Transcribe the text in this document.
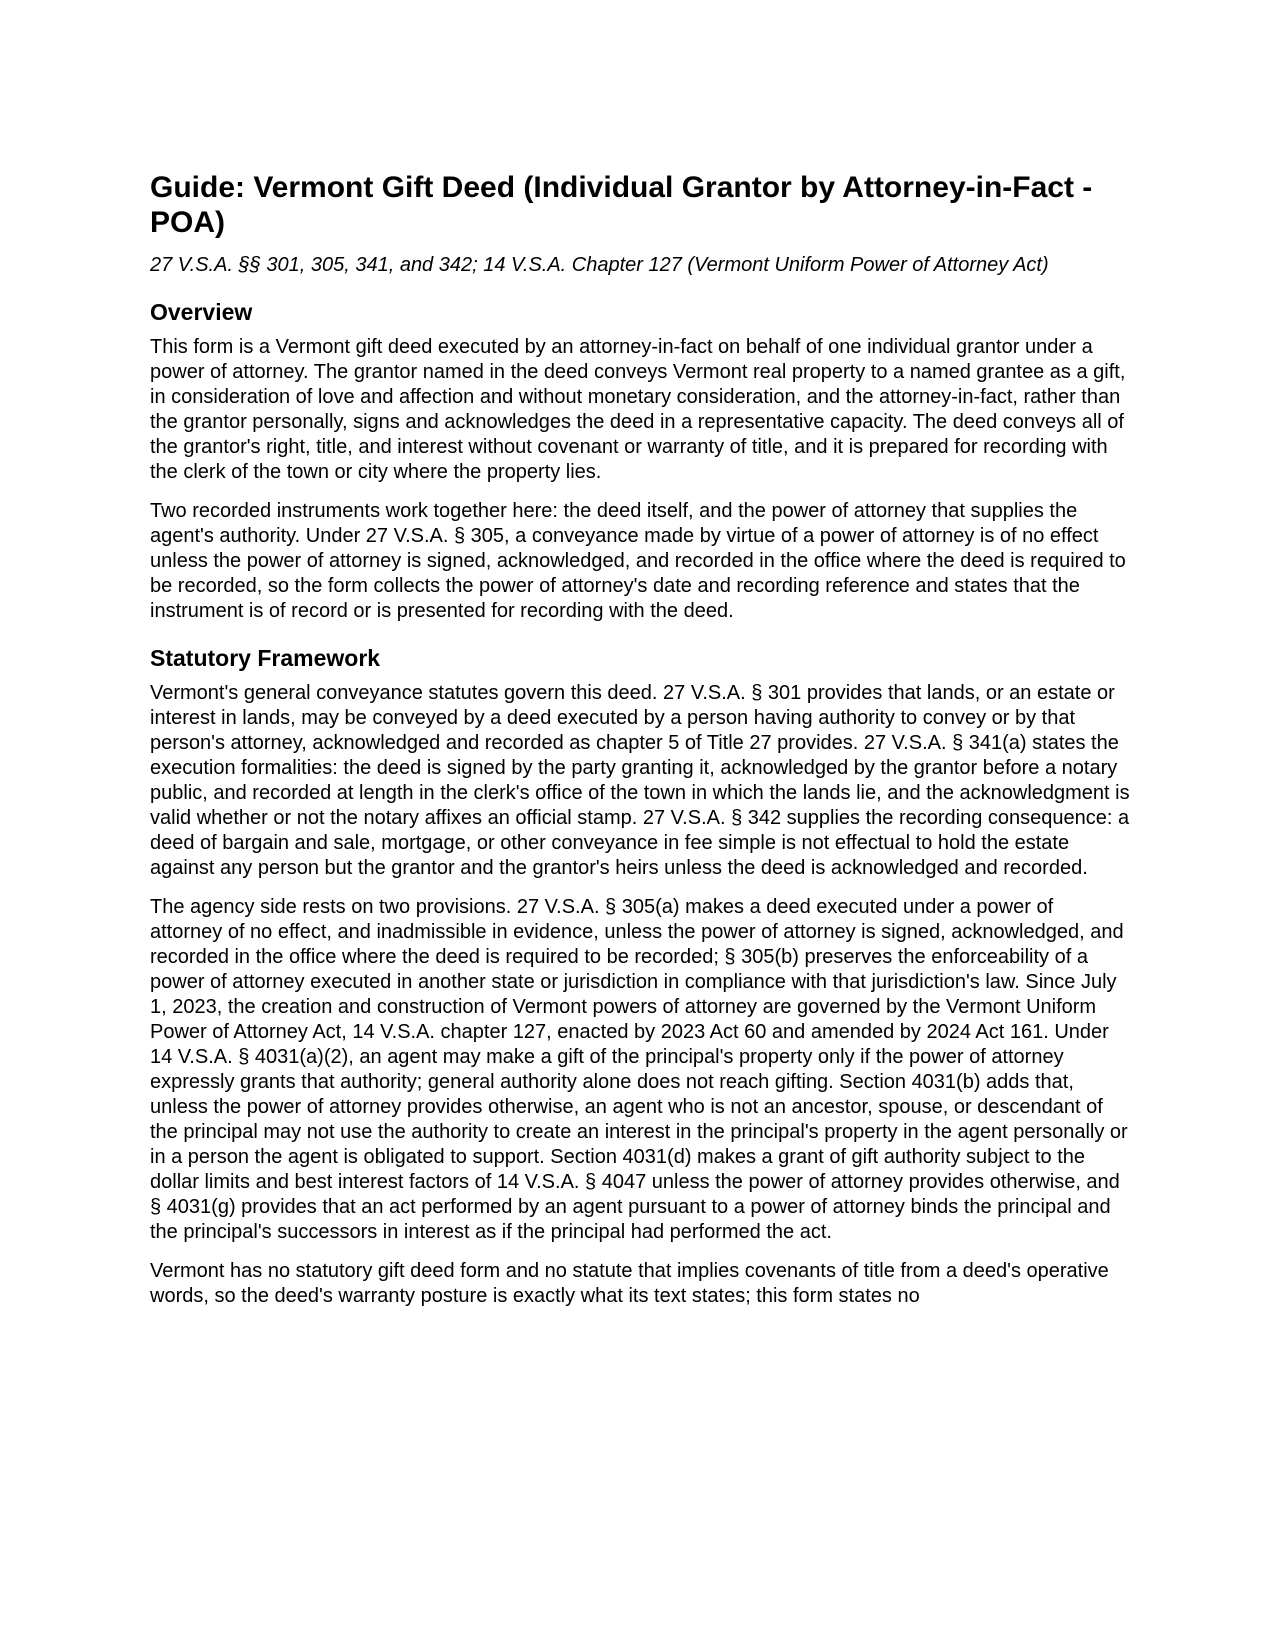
Guide: Vermont Gift Deed (Individual Grantor by Attorney-in-Fact - POA)
27 V.S.A. §§ 301, 305, 341, and 342; 14 V.S.A. Chapter 127 (Vermont Uniform Power of Attorney Act)
Overview

This form is a Vermont gift deed executed by an attorney-in-fact on behalf of one individual grantor under a power of attorney. The grantor named in the deed conveys Vermont real property to a named grantee as a gift, in consideration of love and affection and without monetary consideration, and the attorney-in-fact, rather than the grantor personally, signs and acknowledges the deed in a representative capacity. The deed conveys all of the grantor's right, title, and interest without covenant or warranty of title, and it is prepared for recording with the clerk of the town or city where the property lies.

Two recorded instruments work together here: the deed itself, and the power of attorney that supplies the agent's authority. Under 27 V.S.A. § 305, a conveyance made by virtue of a power of attorney is of no effect unless the power of attorney is signed, acknowledged, and recorded in the office where the deed is required to be recorded, so the form collects the power of attorney's date and recording reference and states that the instrument is of record or is presented for recording with the deed.

Statutory Framework

Vermont's general conveyance statutes govern this deed. 27 V.S.A. § 301 provides that lands, or an estate or interest in lands, may be conveyed by a deed executed by a person having authority to convey or by that person's attorney, acknowledged and recorded as chapter 5 of Title 27 provides. 27 V.S.A. § 341(a) states the execution formalities: the deed is signed by the party granting it, acknowledged by the grantor before a notary public, and recorded at length in the clerk's office of the town in which the lands lie, and the acknowledgment is valid whether or not the notary affixes an official stamp. 27 V.S.A. § 342 supplies the recording consequence: a deed of bargain and sale, mortgage, or other conveyance in fee simple is not effectual to hold the estate against any person but the grantor and the grantor's heirs unless the deed is acknowledged and recorded.

The agency side rests on two provisions. 27 V.S.A. § 305(a) makes a deed executed under a power of attorney of no effect, and inadmissible in evidence, unless the power of attorney is signed, acknowledged, and recorded in the office where the deed is required to be recorded; § 305(b) preserves the enforceability of a power of attorney executed in another state or jurisdiction in compliance with that jurisdiction's law. Since July 1, 2023, the creation and construction of Vermont powers of attorney are governed by the Vermont Uniform Power of Attorney Act, 14 V.S.A. chapter 127, enacted by 2023 Act 60 and amended by 2024 Act 161. Under 14 V.S.A. § 4031(a)(2), an agent may make a gift of the principal's property only if the power of attorney expressly grants that authority; general authority alone does not reach gifting. Section 4031(b) adds that, unless the power of attorney provides otherwise, an agent who is not an ancestor, spouse, or descendant of the principal may not use the authority to create an interest in the principal's property in the agent personally or in a person the agent is obligated to support. Section 4031(d) makes a grant of gift authority subject to the dollar limits and best interest factors of 14 V.S.A. § 4047 unless the power of attorney provides otherwise, and § 4031(g) provides that an act performed by an agent pursuant to a power of attorney binds the principal and the principal's successors in interest as if the principal had performed the act.

Vermont has no statutory gift deed form and no statute that implies covenants of title from a deed's operative words, so the deed's warranty posture is exactly what its text states; this form states no
